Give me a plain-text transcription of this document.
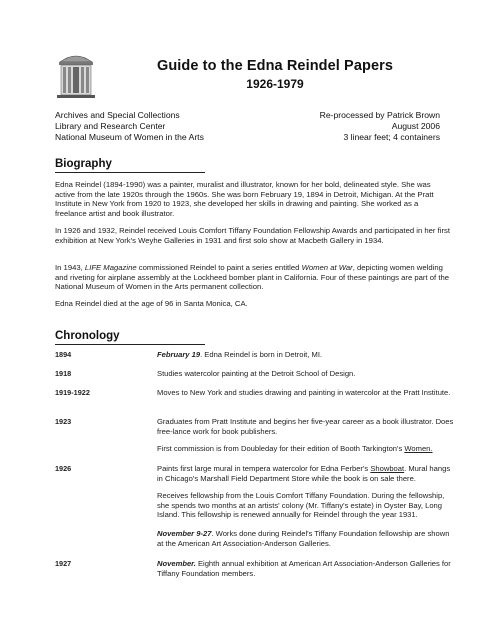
Guide to the Edna Reindel Papers
1926-1979
Archives and Special Collections
Library and Research Center
National Museum of Women in the Arts
Re-processed by Patrick Brown
August 2006
3 linear feet; 4 containers
Biography

Edna Reindel (1894-1990) was a painter, muralist and illustrator, known for her bold, delineated style. She was active from the late 1920s through the 1960s. She was born February 19, 1894 in Detroit, Michigan. At the Pratt Institute in New York from 1920 to 1923, she developed her skills in drawing and painting. She worked as a freelance artist and book illustrator.

In 1926 and 1932, Reindel received Louis Comfort Tiffany Foundation Fellowship Awards and participated in her first exhibition at New York's Weyhe Galleries in 1931 and first solo show at Macbeth Gallery in 1934.

In 1943, LIFE Magazine commissioned Reindel to paint a series entitled Women at War, depicting women welding and riveting for airplane assembly at the Lockheed bomber plant in California. Four of these paintings are part of the National Museum of Women in the Arts permanent collection.

Edna Reindel died at the age of 96 in Santa Monica, CA.

Chronology
1894	February 19. Edna Reindel is born in Detroit, MI.
1918	Studies watercolor painting at the Detroit School of Design.
1919-1922	Moves to New York and studies drawing and painting in watercolor at the Pratt Institute.
1923	Graduates from Pratt Institute and begins her five-year career as a book illustrator. Does free-lance work for book publishers.
First commission is from Doubleday for their edition of Booth Tarkington's Women.
1926	Paints first large mural in tempera watercolor for Edna Ferber's Showboat. Mural hangs in Chicago's Marshall Field Department Store while the book is on sale there.
Receives fellowship from the Louis Comfort Tiffany Foundation. During the fellowship, she spends two months at an artists' colony (Mr. Tiffany's estate) in Oyster Bay, Long Island. This fellowship is renewed annually for Reindel through the year 1931.
November 9-27. Works done during Reindel's Tiffany Foundation fellowship are shown at the American Art Association-Anderson Galleries.
1927	November. Eighth annual exhibition at American Art Association-Anderson Galleries for Tiffany Foundation members.
